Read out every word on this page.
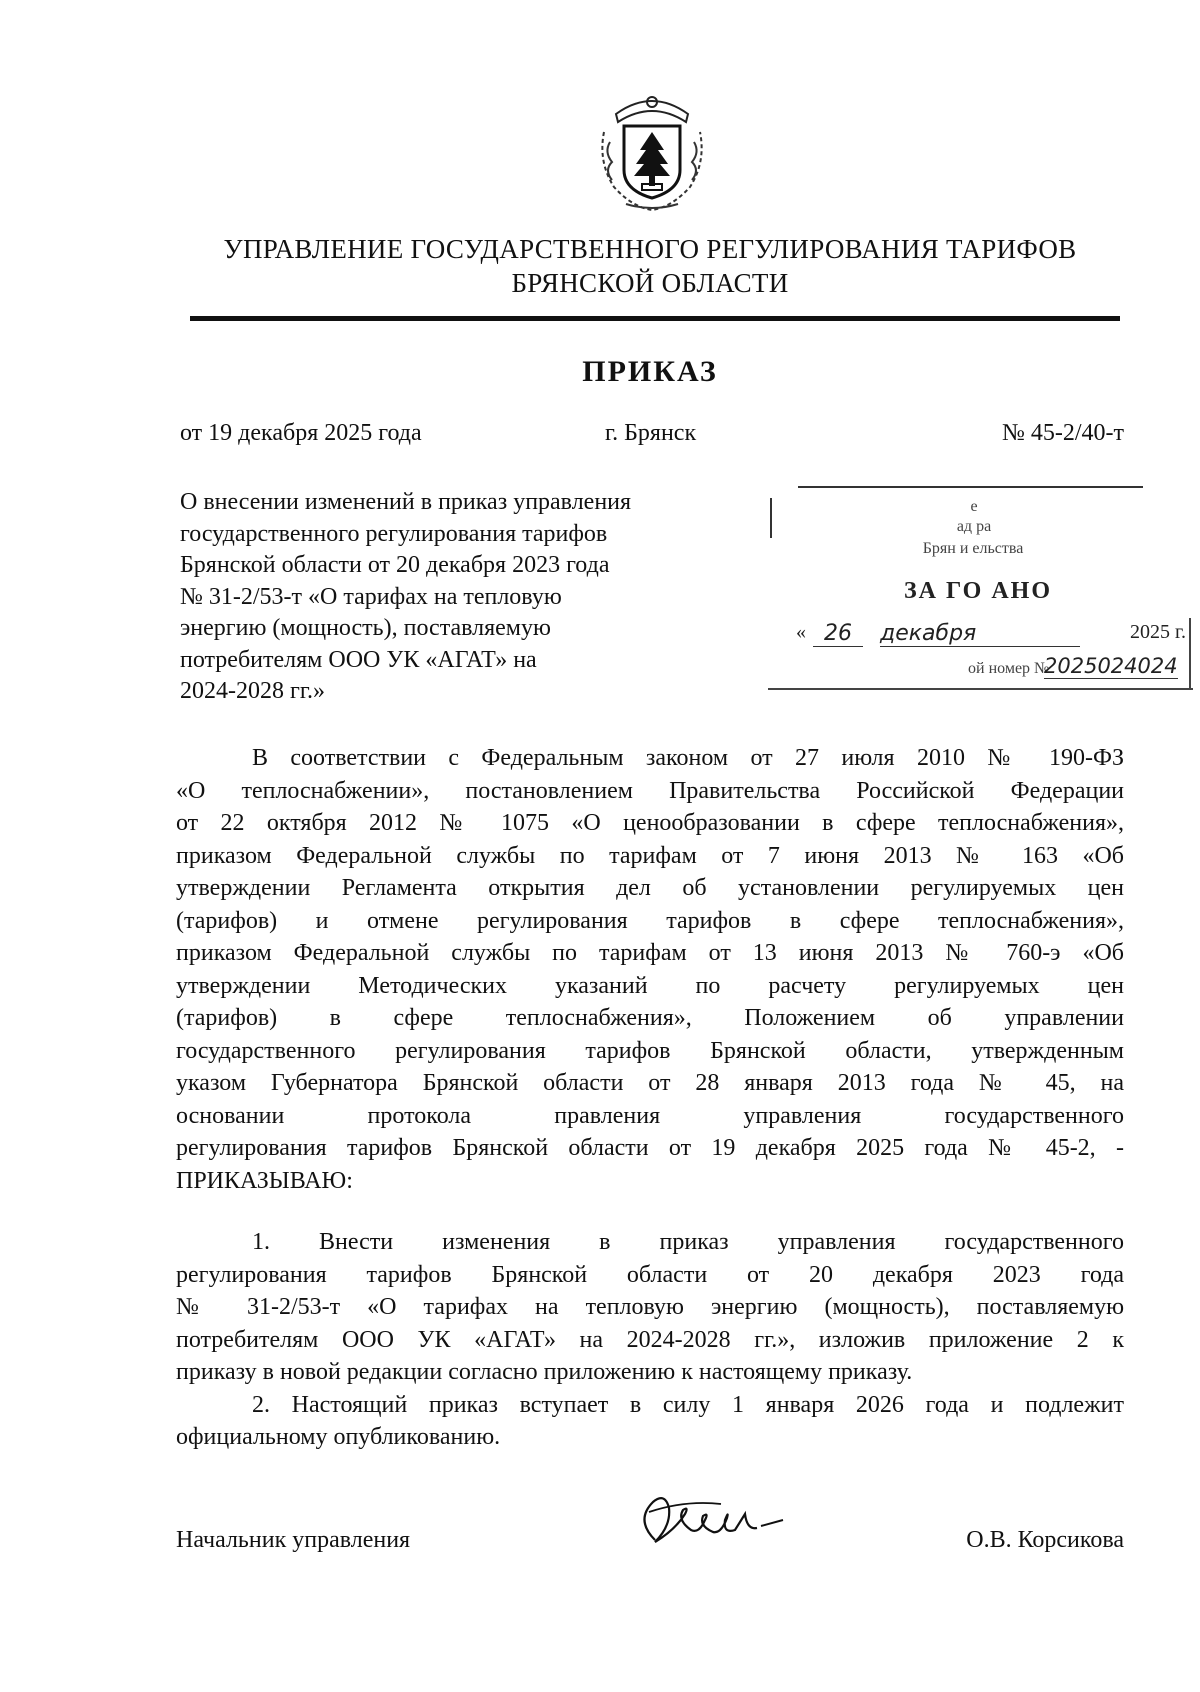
УПРАВЛЕНИЕ ГОСУДАРСТВЕННОГО РЕГУЛИРОВАНИЯ ТАРИФОВ
БРЯНСКОЙ ОБЛАСТИ
ПРИКАЗ
от 19 декабря 2025 года	г. Брянск	№ 45-2/40-т
О внесении изменений в приказ управления
государственного регулирования тарифов
Брянской области от 20 декабря 2023 года
№ 31-2/53-т «О тарифах на тепловую
энергию (мощность), поставляемую
потребителям ООО УК «АГАТ» на
2024-2028 гг.»
е
ад ра
Брян и ельства
ЗА ГО АНО
« 26	декабря	2025 г.
ой номер №
2025024024
В соответствии с Федеральным законом от 27 июля 2010 № 190-ФЗ
«О теплоснабжении», постановлением Правительства Российской Федерации
от 22 октября 2012 № 1075 «О ценообразовании в сфере теплоснабжения»,
приказом Федеральной службы по тарифам от 7 июня 2013 № 163 «Об
утверждении Регламента открытия дел об установлении регулируемых цен
(тарифов) и отмене регулирования тарифов в сфере теплоснабжения»,
приказом Федеральной службы по тарифам от 13 июня 2013 № 760-э «Об
утверждении Методических указаний по расчету регулируемых цен
(тарифов) в сфере теплоснабжения», Положением об управлении
государственного регулирования тарифов Брянской области, утвержденным
указом Губернатора Брянской области от 28 января 2013 года № 45, на
основании протокола правления управления государственного
регулирования тарифов Брянской области от 19 декабря 2025 года № 45-2, -
ПРИКАЗЫВАЮ:
1. Внести изменения в приказ управления государственного
регулирования тарифов Брянской области от 20 декабря 2023 года
№ 31-2/53-т «О тарифах на тепловую энергию (мощность), поставляемую
потребителям ООО УК «АГАТ» на 2024-2028 гг.», изложив приложение 2 к
приказу в новой редакции согласно приложению к настоящему приказу.
2. Настоящий приказ вступает в силу 1 января 2026 года и подлежит
официальному опубликованию.
Начальник управления	О.В. Корсикова
